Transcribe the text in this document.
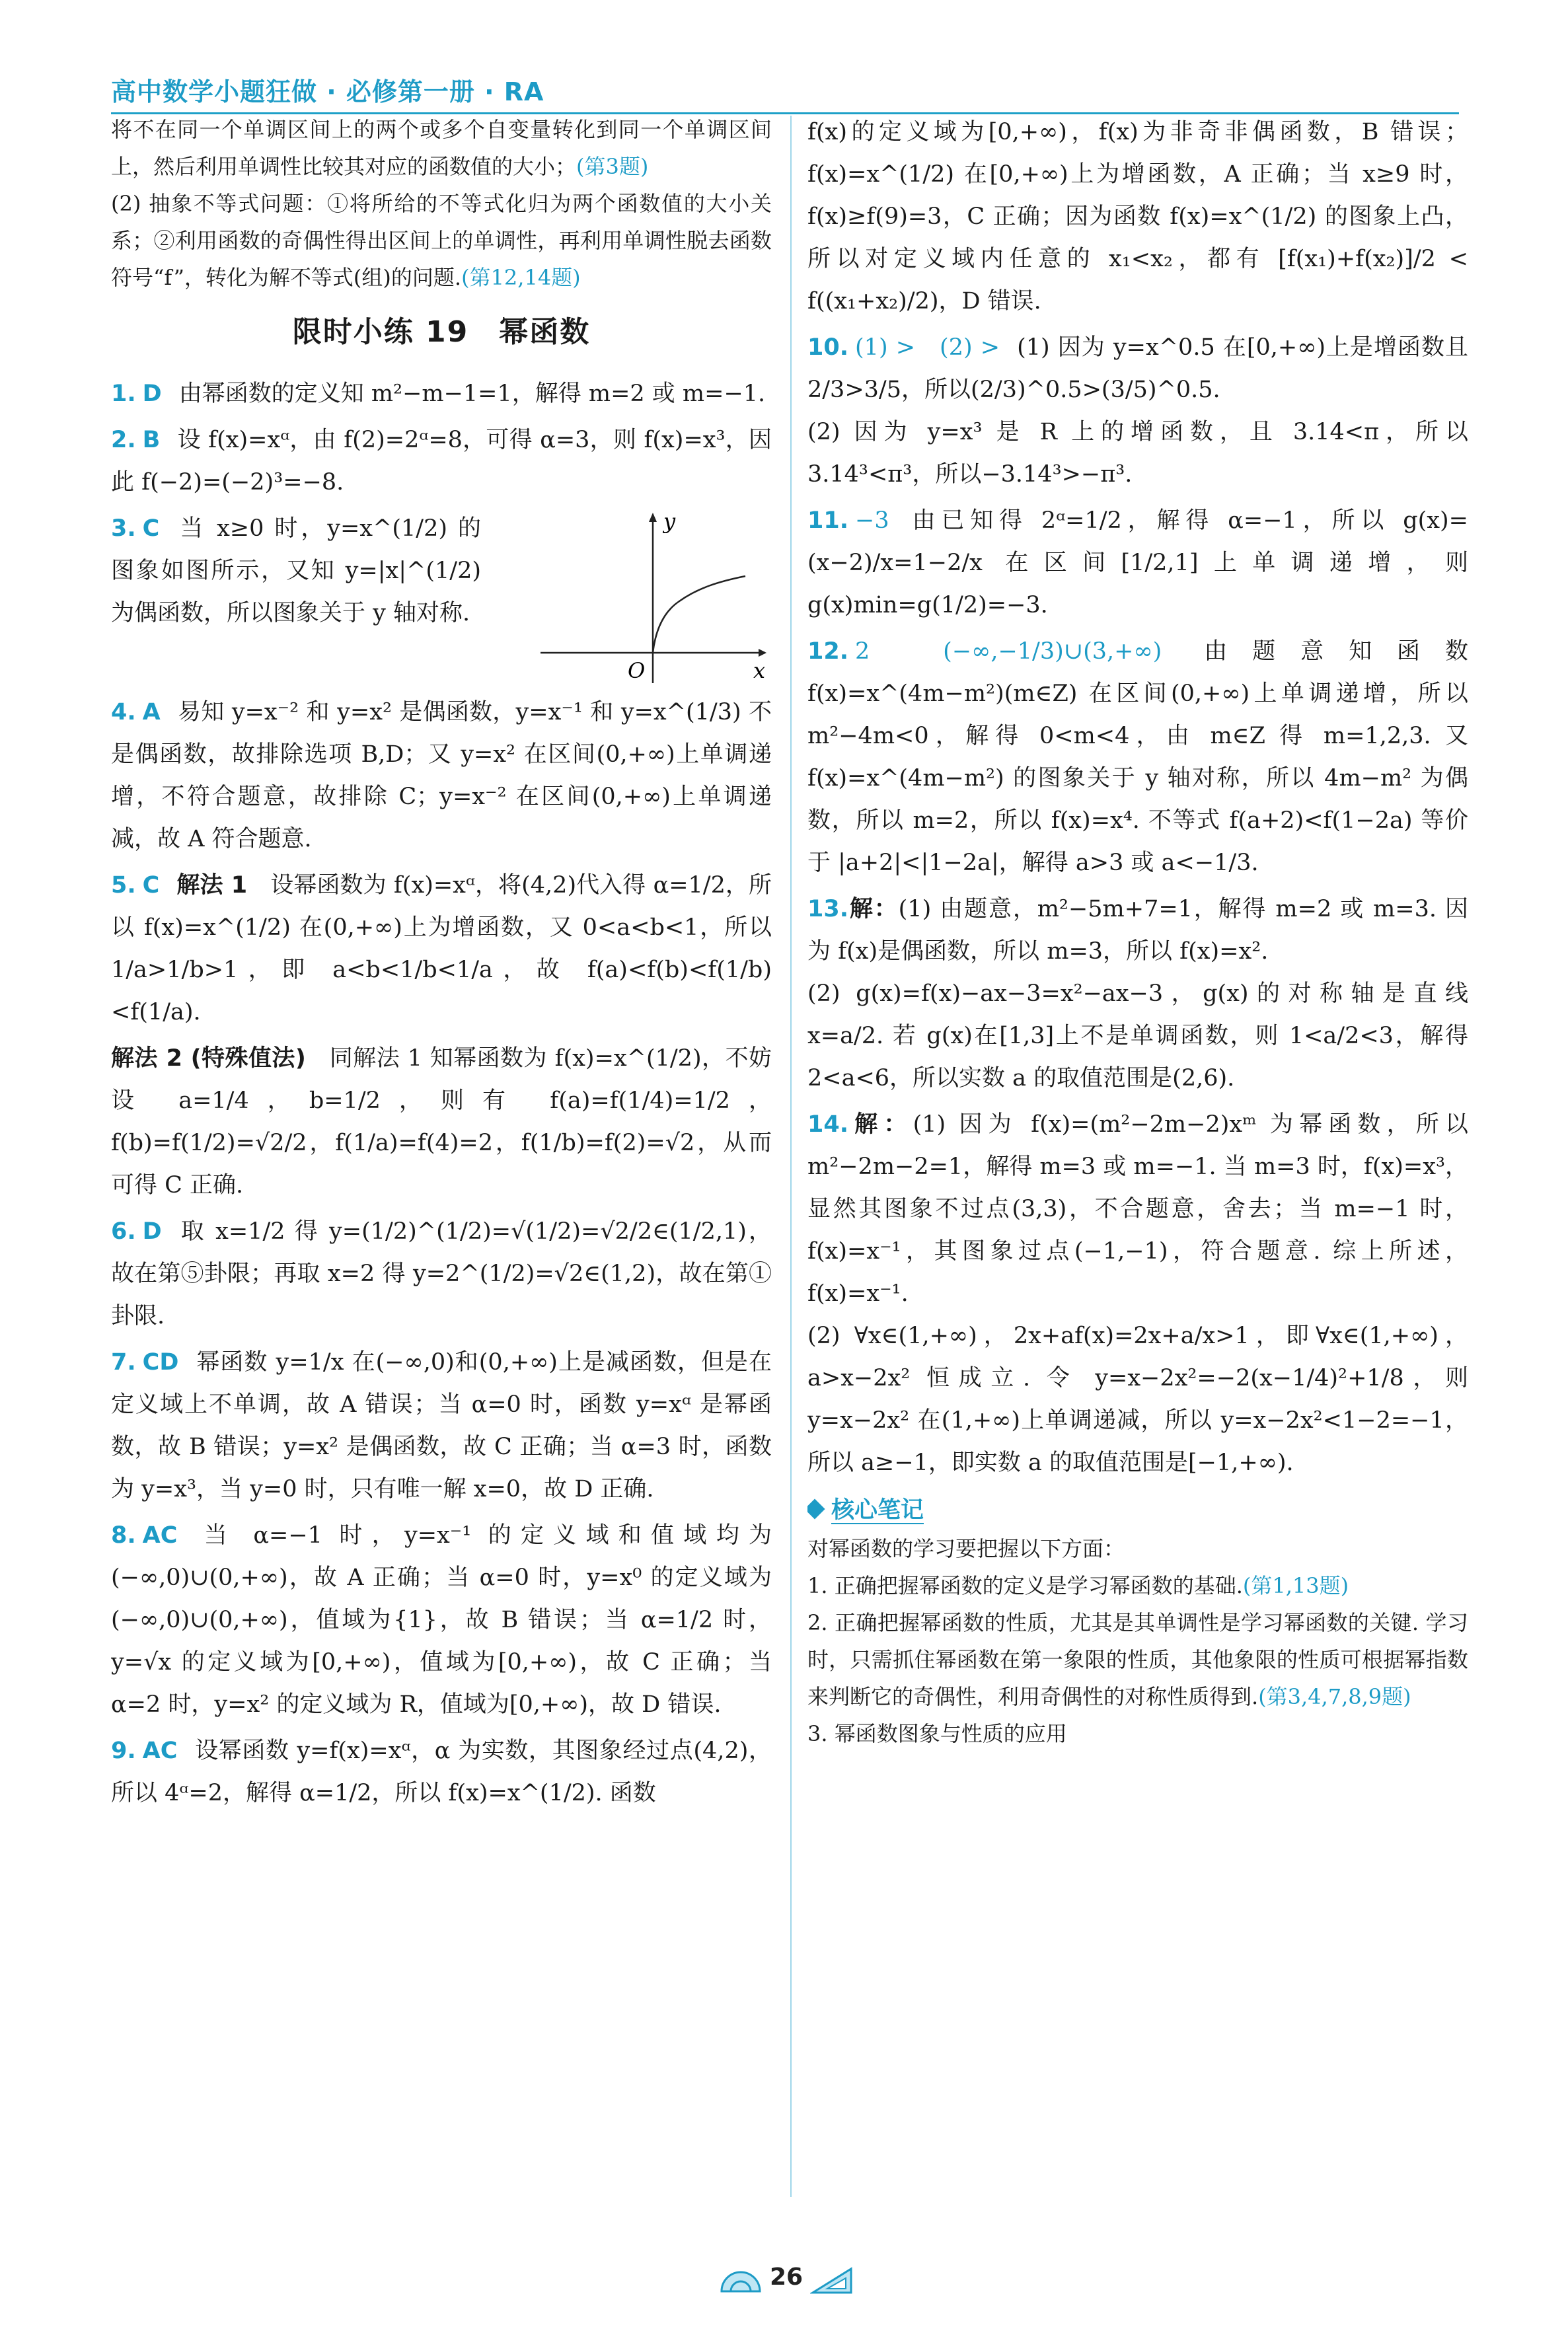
高中数学小题狂做 · 必修第一册 · RA

将不在同一个单调区间上的两个或多个自变量转化到同一个单调区间上，然后利用单调性比较其对应的函数值的大小；(第3题)

(2) 抽象不等式问题：①将所给的不等式化归为两个函数值的大小关系；②利用函数的奇偶性得出区间上的单调性，再利用单调性脱去函数符号“f”，转化为解不等式(组)的问题.(第12,14题)

限时小练 19　幂函数

1. D 由幂函数的定义知 m²−m−1=1，解得 m=2 或 m=−1.

2. B 设 f(x)=xᵅ，由 f(2)=2ᵅ=8，可得 α=3，则 f(x)=x³，因此 f(−2)=(−2)³=−8.

3. C 当 x≥0 时，y=x^(1/2) 的图象如图所示，又知 y=|x|^(1/2) 为偶函数，所以图象关于 y 轴对称.

y
x
O

4. A 易知 y=x⁻² 和 y=x² 是偶函数，y=x⁻¹ 和 y=x^(1/3) 不是偶函数，故排除选项 B,D；又 y=x² 在区间(0,+∞)上单调递增，不符合题意，故排除 C；y=x⁻² 在区间(0,+∞)上单调递减，故 A 符合题意.

5. C 解法 1　 设幂函数为 f(x)=xᵅ，将(4,2)代入得 α=1/2，所以 f(x)=x^(1/2) 在(0,+∞)上为增函数，又 0<a<b<1，所以 1/a>1/b>1，即 a<b<1/b<1/a，故 f(a)<f(b)<f(1/b)<f(1/a).

解法 2 (特殊值法)　 同解法 1 知幂函数为 f(x)=x^(1/2)，不妨设 a=1/4，b=1/2，则有 f(a)=f(1/4)=1/2，f(b)=f(1/2)=√2/2，f(1/a)=f(4)=2，f(1/b)=f(2)=√2，从而可得 C 正确.

6. D 取 x=1/2 得 y=(1/2)^(1/2)=√(1/2)=√2/2∈(1/2,1)，故在第⑤卦限；再取 x=2 得 y=2^(1/2)=√2∈(1,2)，故在第①卦限.

7. CD 幂函数 y=1/x 在(−∞,0)和(0,+∞)上是减函数，但是在定义域上不单调，故 A 错误；当 α=0 时，函数 y=xᵅ 是幂函数，故 B 错误；y=x² 是偶函数，故 C 正确；当 α=3 时，函数为 y=x³，当 y=0 时，只有唯一解 x=0，故 D 正确.

8. AC 当 α=−1 时，y=x⁻¹ 的定义域和值域均为(−∞,0)∪(0,+∞)，故 A 正确；当 α=0 时，y=x⁰ 的定义域为(−∞,0)∪(0,+∞)，值域为{1}，故 B 错误；当 α=1/2 时，y=√x 的定义域为[0,+∞)，值域为[0,+∞)，故 C 正确；当 α=2 时，y=x² 的定义域为 R，值域为[0,+∞)，故 D 错误.

9. AC 设幂函数 y=f(x)=xᵅ，α 为实数，其图象经过点(4,2)，所以 4ᵅ=2，解得 α=1/2，所以 f(x)=x^(1/2). 函数

f(x)的定义域为[0,+∞)，f(x)为非奇非偶函数，B 错误；f(x)=x^(1/2) 在[0,+∞)上为增函数，A 正确；当 x≥9 时，f(x)≥f(9)=3，C 正确；因为函数 f(x)=x^(1/2) 的图象上凸，所以对定义域内任意的 x₁<x₂，都有 [f(x₁)+f(x₂)]/2 < f((x₁+x₂)/2)，D 错误.

10. (1) >　(2) > (1) 因为 y=x^0.5 在[0,+∞)上是增函数且 2/3>3/5，所以(2/3)^0.5>(3/5)^0.5.

(2) 因为 y=x³ 是 R 上的增函数，且 3.14<π，所以 3.14³<π³，所以−3.14³>−π³.

11. −3 由已知得 2ᵅ=1/2，解得 α=−1，所以 g(x)=(x−2)/x=1−2/x 在区间[1/2,1]上单调递增，则 g(x)min=g(1/2)=−3.

12. 2　(−∞,−1/3)∪(3,+∞) 由题意知函数 f(x)=x^(4m−m²)(m∈Z) 在区间(0,+∞)上单调递增，所以 m²−4m<0，解得 0<m<4，由 m∈Z 得 m=1,2,3. 又 f(x)=x^(4m−m²) 的图象关于 y 轴对称，所以 4m−m² 为偶数，所以 m=2，所以 f(x)=x⁴. 不等式 f(a+2)<f(1−2a) 等价于 |a+2|<|1−2a|，解得 a>3 或 a<−1/3.

13.解：(1) 由题意，m²−5m+7=1，解得 m=2 或 m=3. 因为 f(x)是偶函数，所以 m=3，所以 f(x)=x².

(2) g(x)=f(x)−ax−3=x²−ax−3，g(x)的对称轴是直线 x=a/2. 若 g(x)在[1,3]上不是单调函数，则 1<a/2<3，解得 2<a<6，所以实数 a 的取值范围是(2,6).

14.解：(1) 因为 f(x)=(m²−2m−2)xᵐ 为幂函数，所以 m²−2m−2=1，解得 m=3 或 m=−1. 当 m=3 时，f(x)=x³，显然其图象不过点(3,3)，不合题意，舍去；当 m=−1 时，f(x)=x⁻¹，其图象过点(−1,−1)，符合题意. 综上所述，f(x)=x⁻¹.

(2) ∀x∈(1,+∞)，2x+af(x)=2x+a/x>1，即∀x∈(1,+∞)，a>x−2x² 恒成立. 令 y=x−2x²=−2(x−1/4)²+1/8，则 y=x−2x² 在(1,+∞)上单调递减，所以 y=x−2x²<1−2=−1，所以 a≥−1，即实数 a 的取值范围是[−1,+∞).

核心笔记

对幂函数的学习要把握以下方面：

1. 正确把握幂函数的定义是学习幂函数的基础.(第1,13题)

2. 正确把握幂函数的性质，尤其是其单调性是学习幂函数的关键. 学习时，只需抓住幂函数在第一象限的性质，其他象限的性质可根据幂指数来判断它的奇偶性，利用奇偶性的对称性质得到.(第3,4,7,8,9题)

3. 幂函数图象与性质的应用

26
